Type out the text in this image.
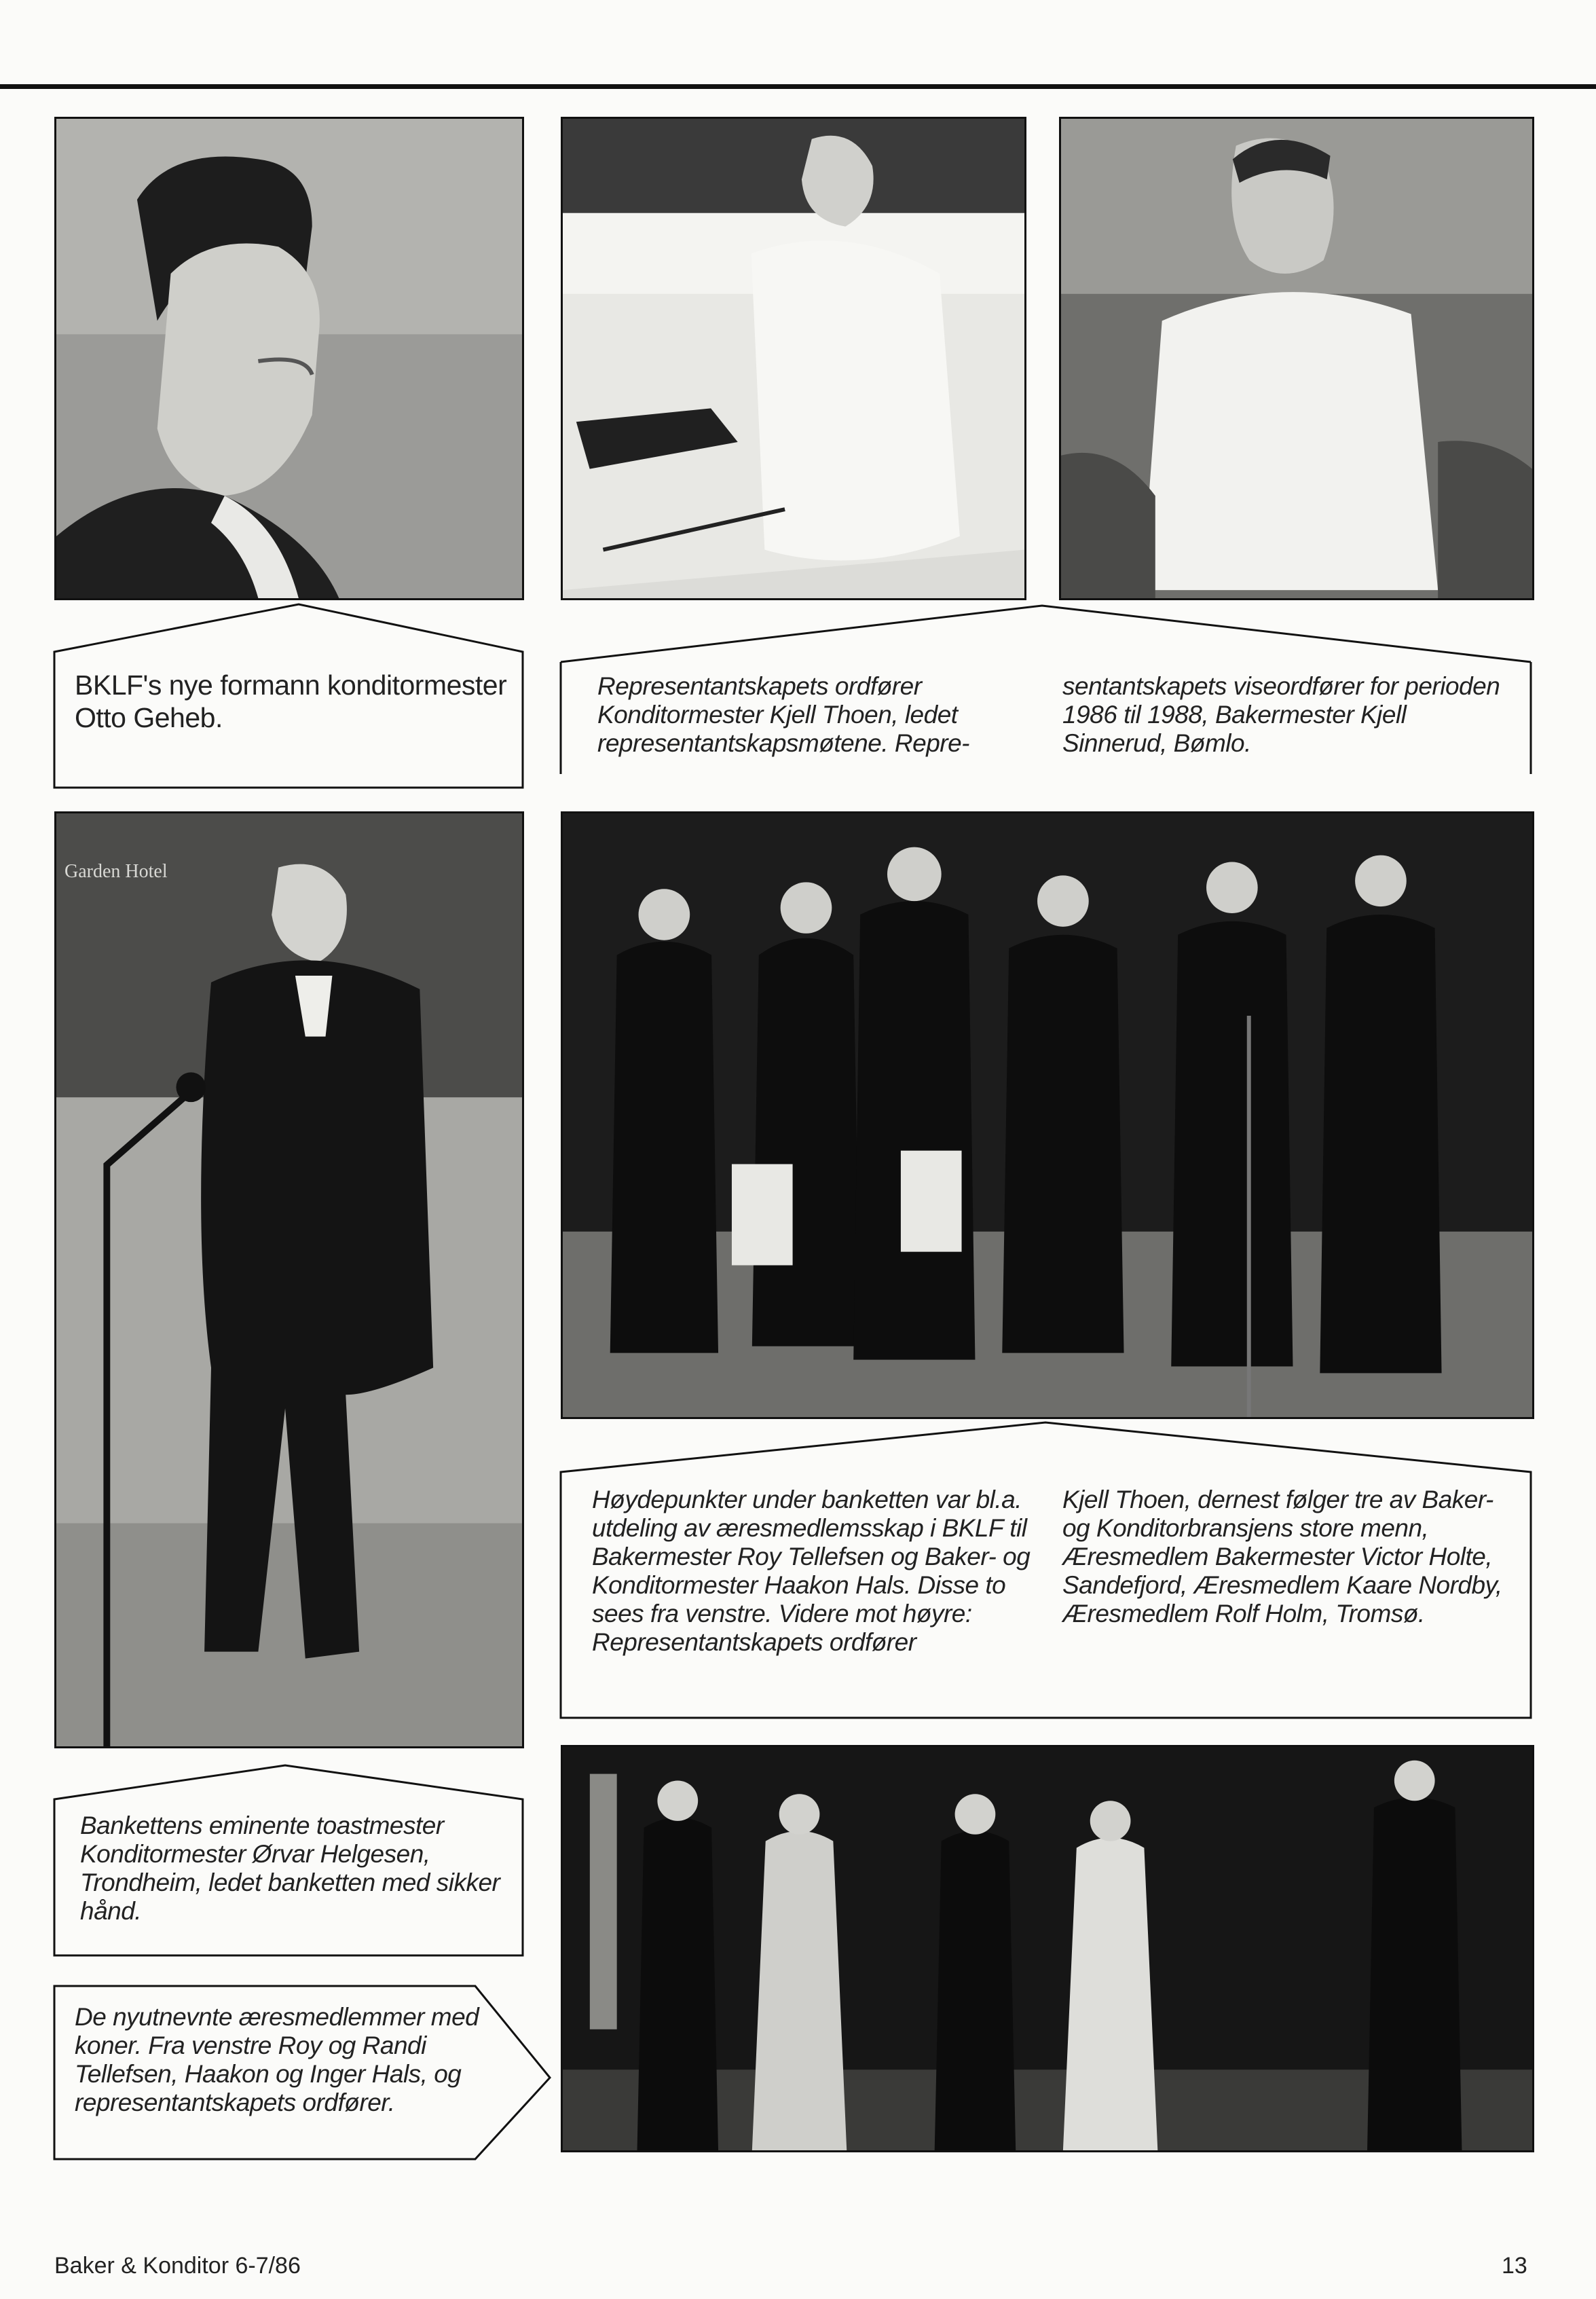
BKLF's nye formann konditormester Otto Geheb.
Representantskapets ordfører Konditormester Kjell Thoen, ledet representantskapsmøtene. Repre-
sentantskapets viseordfører for perioden 1986 til 1988, Bakermester Kjell Sinnerud, Bømlo.
Garden Hotel
Høydepunkter under banketten var bl.a. utdeling av æresmedlemsskap i BKLF til Bakermester Roy Tellefsen og Baker- og Konditormester Haakon Hals. Disse to sees fra venstre. Videre mot høyre: Representantskapets ordfører
Kjell Thoen, dernest følger tre av Baker- og Konditorbransjens store menn, Æresmedlem Bakermester Victor Holte, Sandefjord, Æresmedlem Kaare Nordby, Æresmedlem Rolf Holm, Tromsø.
Bankettens eminente toastmester Konditormester Ørvar Helgesen, Trondheim, ledet banketten med sikker hånd.
De nyutnevnte æresmedlemmer med koner. Fra venstre Roy og Randi Tellefsen, Haakon og Inger Hals, og representantskapets ordfører.
Baker & Konditor 6-7/86	13
